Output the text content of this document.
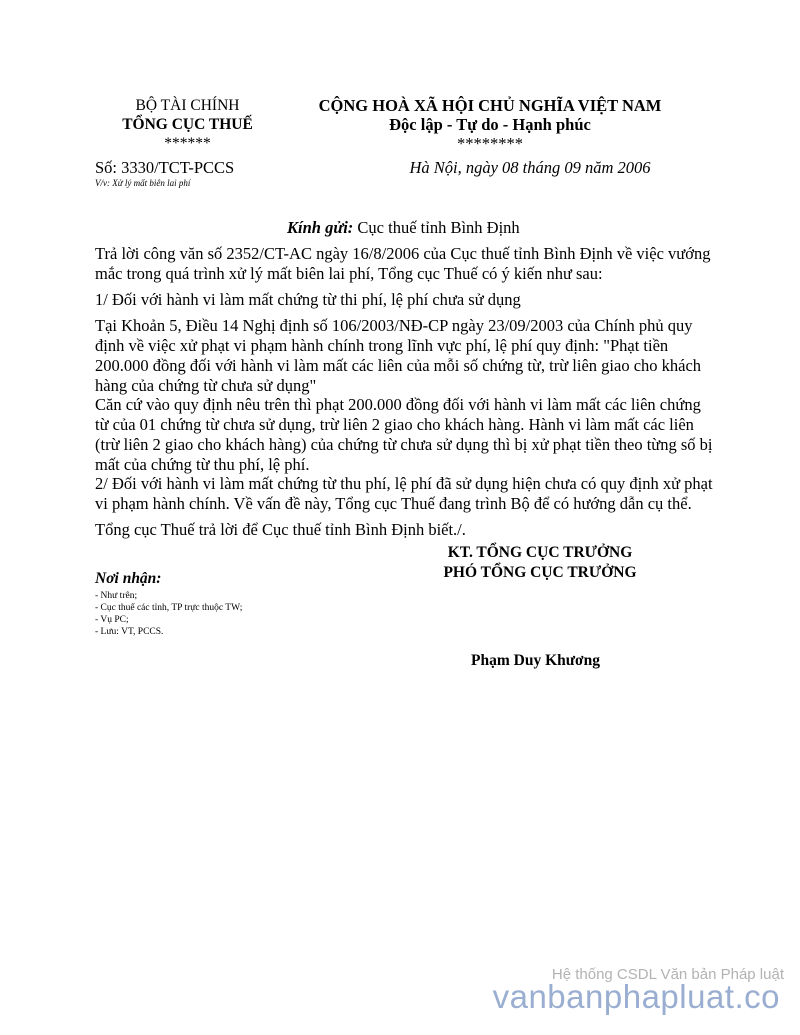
BỘ TÀI CHÍNH
TỔNG CỤC THUẾ
******
CỘNG HOÀ XÃ HỘI CHỦ NGHĨA VIỆT NAM
Độc lập - Tự do - Hạnh phúc
********
Số: 3330/TCT-PCCS
V/v: Xử lý mất biên lai phí
Hà Nội, ngày 08 tháng 09 năm 2006
Kính gửi: Cục thuế tỉnh Bình Định

Trả lời công văn số 2352/CT-AC ngày 16/8/2006 của Cục thuế tỉnh Bình Định về việc vướng mắc trong quá trình xử lý mất biên lai phí, Tổng cục Thuế có ý kiến như sau:

1/ Đối với hành vi làm mất chứng từ thi phí, lệ phí chưa sử dụng

Tại Khoản 5, Điều 14 Nghị định số 106/2003/NĐ-CP ngày 23/09/2003 của Chính phủ quy định về việc xử phạt vi phạm hành chính trong lĩnh vực phí, lệ phí quy định: "Phạt tiền 200.000 đồng đối với hành vi làm mất các liên của mỗi số chứng từ, trừ liên giao cho khách hàng của chứng từ chưa sử dụng"

Căn cứ vào quy định nêu trên thì phạt 200.000 đồng đối với hành vi làm mất các liên chứng từ của 01 chứng từ chưa sử dụng, trừ liên 2 giao cho khách hàng. Hành vi làm mất các liên (trừ liên 2 giao cho khách hàng) của chứng từ chưa sử dụng thì bị xử phạt tiền theo từng số bị mất của chứng từ thu phí, lệ phí.

2/ Đối với hành vi làm mất chứng từ thu phí, lệ phí đã sử dụng hiện chưa có quy định xử phạt vi phạm hành chính. Về vấn đề này, Tổng cục Thuế đang trình Bộ để có hướng dẫn cụ thể.

Tổng cục Thuế trả lời để Cục thuế tỉnh Bình Định biết./.

KT. TỔNG CỤC TRƯỞNG
PHÓ TỔNG CỤC TRƯỞNG
Nơi nhận:
- Như trên;
- Cục thuế các tỉnh, TP trực thuộc TW;
- Vụ PC;
- Lưu: VT, PCCS.
Phạm Duy Khương
Hệ thống CSDL Văn bản Pháp luật
vanbanphapluat.co
